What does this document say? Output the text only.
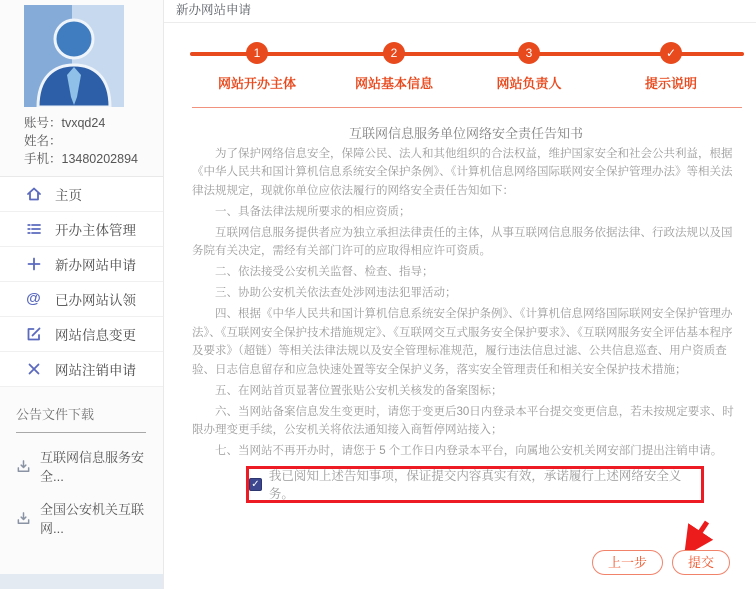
账号：tvxqd24
姓名：
手机：13480202894
主页
开办主体管理
新办网站申请
@ 已办网站认领
网站信息变更
网站注销申请
公告文件下载
互联网信息服务安全...
全国公安机关互联网...
新办网站申请
1
网站开办主体
2
网站基本信息
3
网站负责人
✓
提示说明
互联网信息服务单位网络安全责任告知书

为了保护网络信息安全，保障公民、法人和其他组织的合法权益，维护国家安全和社会公共利益，根据《中华人民共和国计算机信息系统安全保护条例》、《计算机信息网络国际联网安全保护管理办法》等相关法律法规规定，现就你单位应依法履行的网络安全责任告知如下：

一、具备法律法规所要求的相应资质；

互联网信息服务提供者应为独立承担法律责任的主体，从事互联网信息服务依据法律、行政法规以及国务院有关决定，需经有关部门许可的应取得相应许可资质。

二、依法接受公安机关监督、检查、指导；

三、协助公安机关依法查处涉网违法犯罪活动；

四、根据《中华人民共和国计算机信息系统安全保护条例》、《计算机信息网络国际联网安全保护管理办法》、《互联网安全保护技术措施规定》、《互联网交互式服务安全保护要求》、《互联网服务安全评估基本程序及要求》（超链）等相关法律法规以及安全管理标准规范，履行违法信息过滤、公共信息巡查、用户资质查验、日志信息留存和应急快速处置等安全保护义务，落实安全管理责任和相关安全保护技术措施；

五、在网站首页显著位置张贴公安机关核发的备案图标；

六、当网站备案信息发生变更时，请您于变更后30日内登录本平台提交变更信息，若未按规定要求、时限办理变更手续，公安机关将依法通知接入商暂停网站接入；

七、当网站不再开办时，请您于 5 个工作日内登录本平台，向属地公安机关网安部门提出注销申请。

✓
我已阅知上述告知事项，保证提交内容真实有效，承诺履行上述网络安全义务。
上一步	提交
